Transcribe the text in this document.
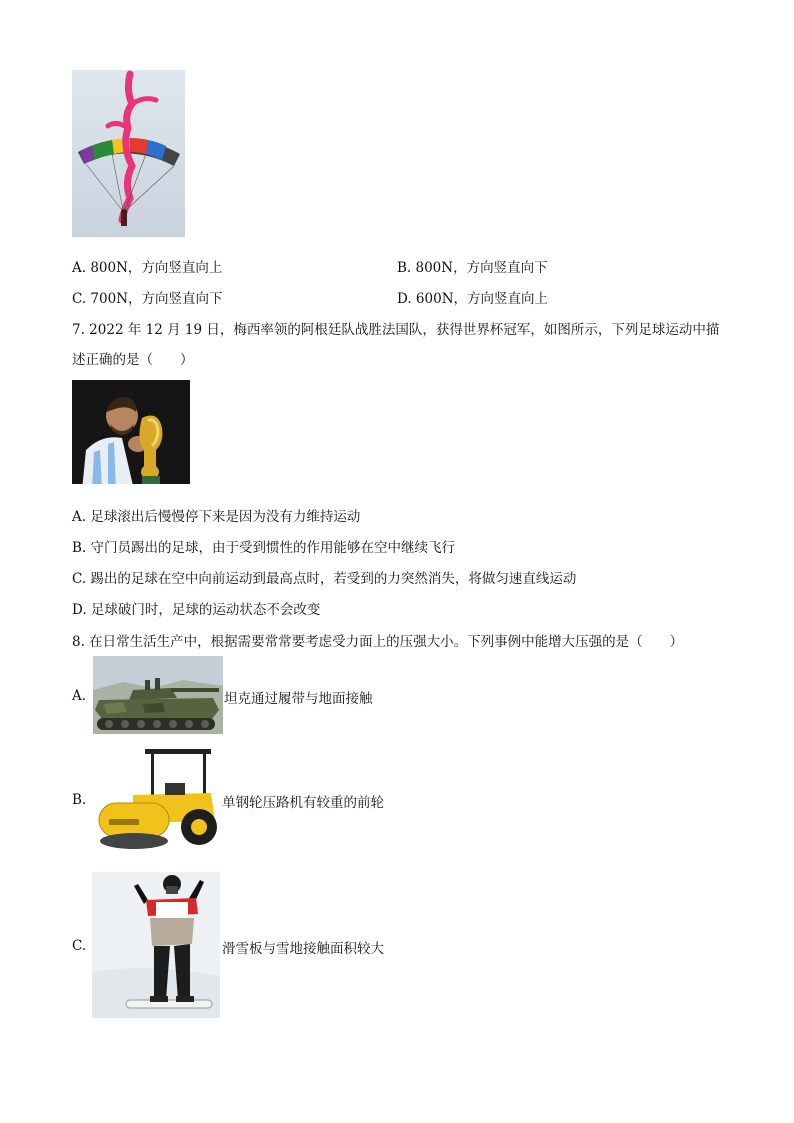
A. 800N，方向竖直向上	B. 800N，方向竖直向下
C. 700N，方向竖直向下	D. 600N，方向竖直向上
7. 2022 年 12 月 19 日，梅西率领的阿根廷队战胜法国队，获得世界杯冠军，如图所示，下列足球运动中描
述正确的是（　　）
A. 足球滚出后慢慢停下来是因为没有力维持运动
B. 守门员踢出的足球，由于受到惯性的作用能够在空中继续飞行
C. 踢出的足球在空中向前运动到最高点时，若受到的力突然消失，将做匀速直线运动
D. 足球破门时，足球的运动状态不会改变
8. 在日常生活生产中，根据需要常常要考虑受力面上的压强大小。下列事例中能增大压强的是（　　）
A.	坦克通过履带与地面接触
B.	单钢轮压路机有较重的前轮
C.	滑雪板与雪地接触面积较大
